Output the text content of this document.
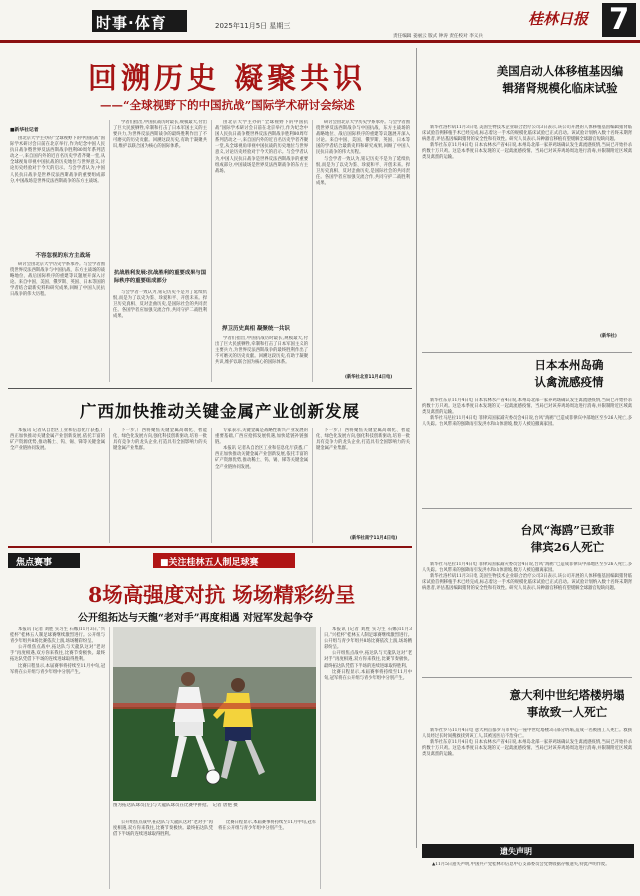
时事·体育	2025年11月5日 星期三	桂林日报 7
责任编辑 姜丽云 版式 钟涛 责任校对 李义兵
回溯历史 凝聚共识
——“全球视野下的中国抗战”国际学术研讨会综述
■新华社记者

由北京大学主办的“全球视野下的中国抗战”国际学术研讨会日前在北京举行,作为纪念中国人民抗日战争暨世界反法西斯战争胜利80周年系列活动之一,来自国内外的近百名历史学者齐聚一堂,从全球视角审视中国抗战的历史地位与世界意义,讨论历史经验对于今天的启示。与会学者认为,中国人民抗日战争是世界反法西斯战争的重要组成部分,中国战场是世界反法西斯战争的东方主战场。

不容忽视的东方主战场

研讨会由北京大学历史学系承办。与会学者围绕世界反法西斯战争与中国抗战、东方主战场的战略地位、战后国际秩序的重建等议题展开深入讨论。来自中国、美国、俄罗斯、英国、日本等国的学者结合最新史料和研究成果,回顾了中国人民抗日战争的伟大历程。

学者们指出,中国抗战历时最长,规模最大,付出了巨大民族牺牲,牵制和打击了日本军国主义的主要兵力,为世界反法西斯战争的最终胜利作出了不可磨灭的历史贡献。回溯这段历史,有助于凝聚共识,维护以联合国为核心的国际体系。

抗战胜利发展:抗战胜利的重要成果与国际秩序的重要组成部分

与会学者一致认为,铭记历史不是为了延续仇恨,而是为了以史为鉴、珍爱和平、开创未来。捍卫历史真相、反对歪曲历史,是国际社会的共同责任。各国学者应加强交流合作,共同守护二战胜利成果。

由北京大学主办的“全球视野下的中国抗战”国际学术研讨会日前在北京举行,作为纪念中国人民抗日战争暨世界反法西斯战争胜利80周年系列活动之一,来自国内外的近百名历史学者齐聚一堂,从全球视角审视中国抗战的历史地位与世界意义,讨论历史经验对于今天的启示。与会学者认为,中国人民抗日战争是世界反法西斯战争的重要组成部分,中国战场是世界反法西斯战争的东方主战场。

捍卫历史真相 凝聚统一共识

学者们指出,中国抗战历时最长,规模最大,付出了巨大民族牺牲,牵制和打击了日本军国主义的主要兵力,为世界反法西斯战争的最终胜利作出了不可磨灭的历史贡献。回溯这段历史,有助于凝聚共识,维护以联合国为核心的国际体系。

研讨会由北京大学历史学系承办。与会学者围绕世界反法西斯战争与中国抗战、东方主战场的战略地位、战后国际秩序的重建等议题展开深入讨论。来自中国、美国、俄罗斯、英国、日本等国的学者结合最新史料和研究成果,回顾了中国人民抗日战争的伟大历程。

与会学者一致认为,铭记历史不是为了延续仇恨,而是为了以史为鉴、珍爱和平、开创未来。捍卫历史真相、反对歪曲历史,是国际社会的共同责任。各国学者应加强交流合作,共同守护二战胜利成果。

(新华社北京11月4日电)
美国启动人体移植基因编辑猪肾规模化临床试验

新华社洛杉矶11月3日电 美国生物技术企业联合治疗公司3日表示,该公司开展的人体移植基因编辑猪肾临床试验首例移植手术已经完成,标志着这一手术的规模化临床试验已正式启动。该试验计划纳入数十名终末期肾病患者,评估基因编辑猪肾的安全性和有效性。研究人员表示,异种器官移植有望缓解全球器官短缺问题。

新华社东京11月4日电 日本农林水产省4日说,本州岛北部一家养鸡场确认发生禽流感疫情,当局已开始扑杀约数十万只鸡。这是本季度日本发现的又一起禽流感疫情。当局已对该养鸡场周边进行消毒,并限制附近区域禽类及禽蛋的运输。

(新华社)
日本本州岛确认禽流感疫情

新华社东京11月4日电 日本农林水产省4日说,本州岛北部一家养鸡场确认发生禽流感疫情,当局已开始扑杀约数十万只鸡。这是本季度日本发现的又一起禽流感疫情。当局已对该养鸡场周边进行消毒,并限制附近区域禽类及禽蛋的运输。

新华社马尼拉11月4日电 菲律宾国家减灾委员会4日说,台风“海鸥”已造成菲律宾中部地区至少26人死亡,多人失踪。台风带来的强降雨引发洪水和山体滑坡,数万人被迫撤离家园。

台风“海鸥”已致菲律宾26人死亡

新华社马尼拉11月4日电 菲律宾国家减灾委员会4日说,台风“海鸥”已造成菲律宾中部地区至少26人死亡,多人失踪。台风带来的强降雨引发洪水和山体滑坡,数万人被迫撤离家园。

新华社洛杉矶11月3日电 美国生物技术企业联合治疗公司3日表示,该公司开展的人体移植基因编辑猪肾临床试验首例移植手术已经完成,标志着这一手术的规模化临床试验已正式启动。该试验计划纳入数十名终末期肾病患者,评估基因编辑猪肾的安全性和有效性。研究人员表示,异种器官移植有望缓解全球器官短缺问题。

意大利中世纪塔楼坍塌事故致一人死亡

新华社罗马11月4日电 意大利首都罗马市中心一座中世纪塔楼3日部分坍塌,造成一名被困工人死亡。救援人员经过长时间搜救找到该工人,其被送医后不治身亡。

新华社东京11月4日电 日本农林水产省4日说,本州岛北部一家养鸡场确认发生禽流感疫情,当局已开始扑杀约数十万只鸡。这是本季度日本发现的又一起禽流感疫情。当局已对该养鸡场周边进行消毒,并限制附近区域禽类及禽蛋的运输。

遗失声明

▲11月5日遗失声明,中国共产党桂林市信息中心支部委员会党费收据存根遗失,特此声明作废。

广西加快推动关键金属产业创新发展

本报讯 记者从自治区工业和信息化厅获悉,广西正加快推动关键金属产业创新发展,依托丰富的矿产资源优势,推动稀土、钨、锡、锑等关键金属全产业链协同发展。

下一步,广西将聚焦关键金属高端化、智能化、绿色化发展方向,强化科技创新驱动,培育一批具有竞争力的龙头企业,打造具有全国影响力的关键金属产业集群。

专家表示,关键金属是战略性新兴产业发展的重要基础,广西应抢抓发展机遇,加快延链补链强链。

本报讯 记者从自治区工业和信息化厅获悉,广西正加快推动关键金属产业创新发展,依托丰富的矿产资源优势,推动稀土、钨、锡、锑等关键金属全产业链协同发展。

下一步,广西将聚焦关键金属高端化、智能化、绿色化发展方向,强化科技创新驱动,培育一批具有竞争力的龙头企业,打造具有全国影响力的关键金属产业集群。

(新华社南宁11月4日电)
焦点赛事	■关注桂林五人制足球赛
8场高强度对抗 场场精彩纷呈
公开组拓达与天龍“老对手”再度相遇 对冠军发起争夺

本报讯 (记者 刘胜 实习生 石娜)11月3日,“兴桂杯”桂林五人制足球赛继续激烈进行。公开组与青少年组共8场比赛依次上演,场场精彩纷呈。

公开组焦点战中,拓达队与天龍队这对“老对手”再度相遇,双方你来我往,比赛节奏极快。最终拓达队凭借下半场的连续进球取得胜利。

比赛日程显示,本届赛事将持续至11月中旬,冠军将在公开组与青少年组中分别产生。

图为拓达队球员(左)与天龍队球员在比赛中拼抢。 记者 唐艳 摄

公开组焦点战中,拓达队与天龍队这对“老对手”再度相遇,双方你来我往,比赛节奏极快。最终拓达队凭借下半场的连续进球取得胜利。

比赛日程显示,本届赛事将持续至11月中旬,冠军将在公开组与青少年组中分别产生。

本报讯 (记者 刘胜 实习生 石娜)11月3日,“兴桂杯”桂林五人制足球赛继续激烈进行。公开组与青少年组共8场比赛依次上演,场场精彩纷呈。

公开组焦点战中,拓达队与天龍队这对“老对手”再度相遇,双方你来我往,比赛节奏极快。最终拓达队凭借下半场的连续进球取得胜利。

比赛日程显示,本届赛事将持续至11月中旬,冠军将在公开组与青少年组中分别产生。
